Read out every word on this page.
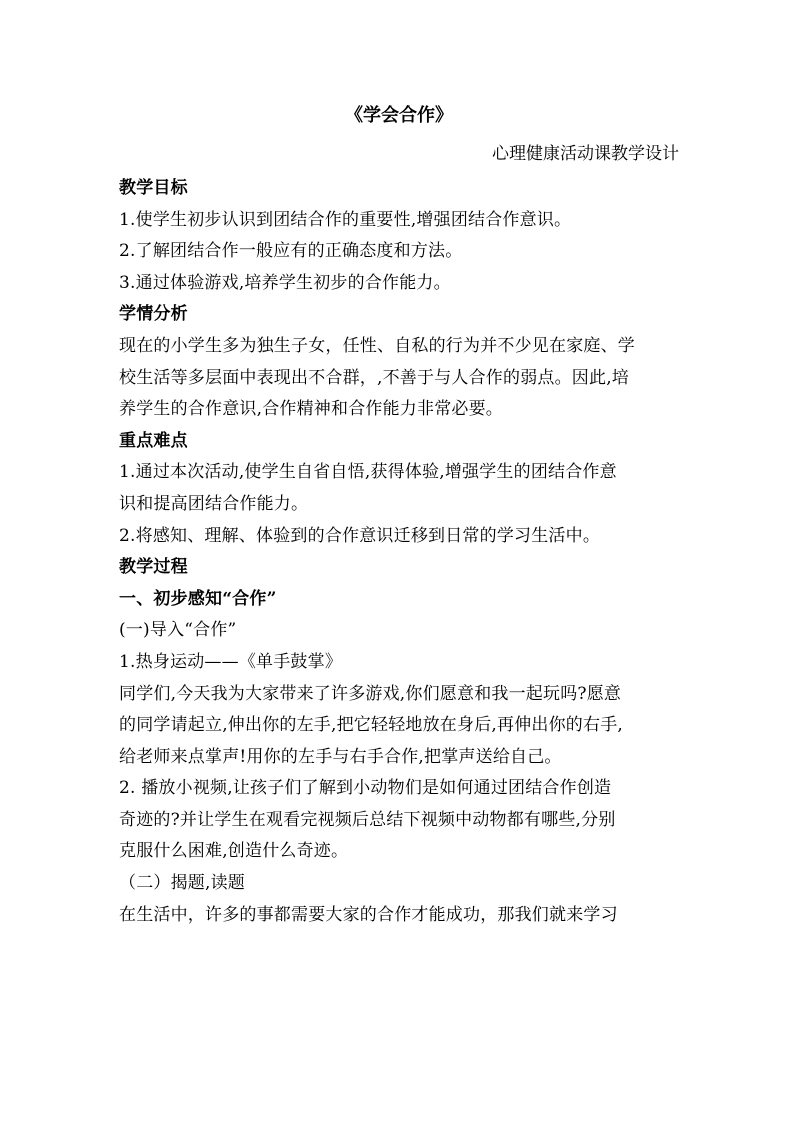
《学会合作》
心理健康活动课教学设计
教学目标
1.使学生初步认识到团结合作的重要性,增强团结合作意识。
2.了解团结合作一般应有的正确态度和方法。
3.通过体验游戏,培养学生初步的合作能力。
学情分析
现在的小学生多为独生子女，任性、自私的行为并不少见在家庭、学
校生活等多层面中表现出不合群，,不善于与人合作的弱点。因此,培
养学生的合作意识,合作精神和合作能力非常必要。
重点难点
1.通过本次活动,使学生自省自悟,获得体验,增强学生的团结合作意
识和提高团结合作能力。
2.将感知、理解、体验到的合作意识迁移到日常的学习生活中。
教学过程
一、初步感知“合作”
(一)导入“合作”
1.热身运动——《单手鼓掌》
同学们,今天我为大家带来了许多游戏,你们愿意和我一起玩吗?愿意
的同学请起立,伸出你的左手,把它轻轻地放在身后,再伸出你的右手,
给老师来点掌声!用你的左手与右手合作,把掌声送给自己。
2. 播放小视频,让孩子们了解到小动物们是如何通过团结合作创造
奇迹的?并让学生在观看完视频后总结下视频中动物都有哪些,分别
克服什么困难,创造什么奇迹。
（二）揭题,读题
在生活中，许多的事都需要大家的合作才能成功，那我们就来学习
